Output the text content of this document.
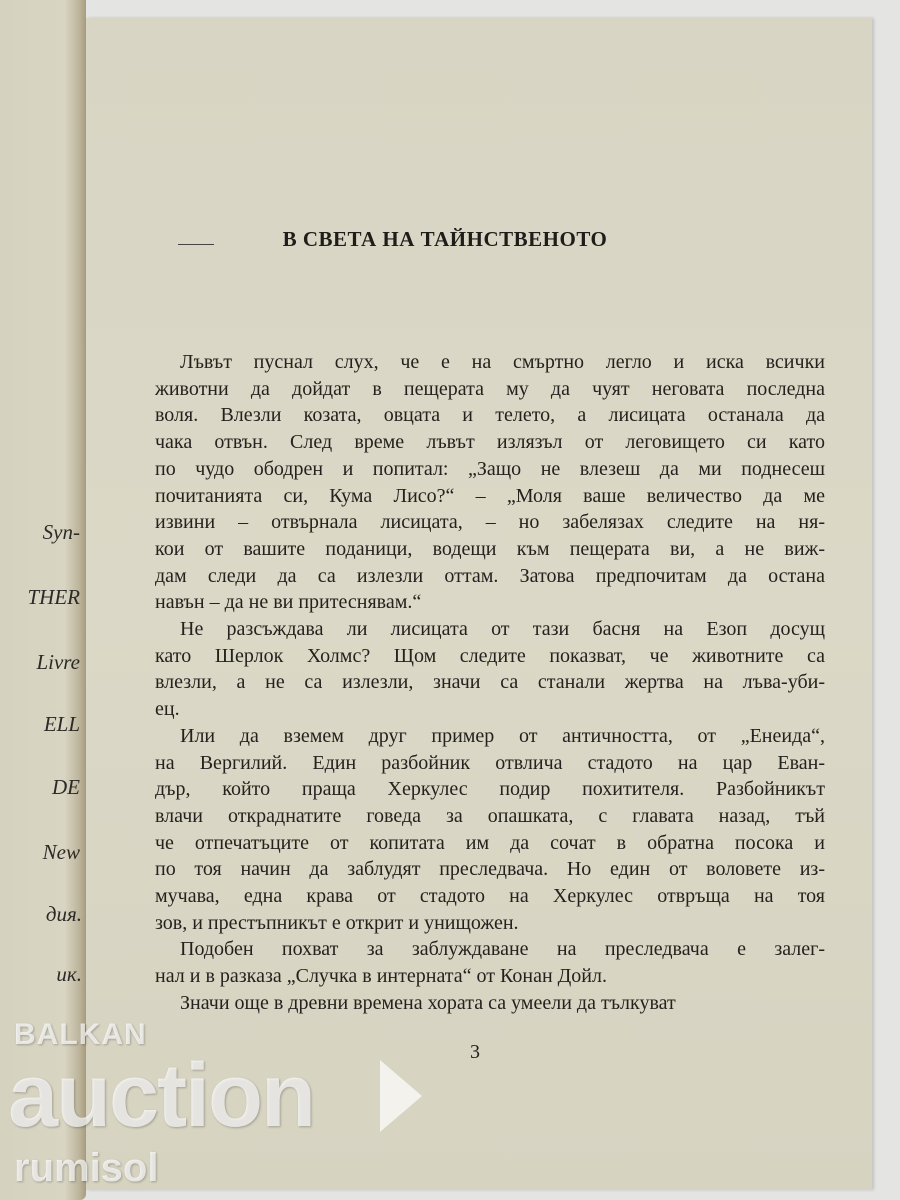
Syn-
THER
Livre
ELL
DE
New
дия.
ик.
В СВЕТА НА ТАЙНСТВЕНОТО
Лъвът пуснал слух, че е на смъртно легло и иска всички
животни да дойдат в пещерата му да чуят неговата последна
воля. Влезли козата, овцата и телето, а лисицата останала да
чака отвън. След време лъвът излязъл от леговището си като
по чудо ободрен и попитал: „Защо не влезеш да ми поднесеш
почитанията си, Кума Лисо?“ – „Моля ваше величество да ме
извини – отвърнала лисицата, – но забелязах следите на ня-
кои от вашите поданици, водещи към пещерата ви, а не виж-
дам следи да са излезли оттам. Затова предпочитам да остана
навън – да не ви притеснявам.“
Не разсъждава ли лисицата от тази басня на Езоп досущ
като Шерлок Холмс? Щом следите показват, че животните са
влезли, а не са излезли, значи са станали жертва на лъва-уби-
ец.
Или да вземем друг пример от античността, от „Енеида“,
на Вергилий. Един разбойник отвлича стадото на цар Еван-
дър, който праща Херкулес подир похитителя. Разбойникът
влачи откраднатите говеда за опашката, с главата назад, тъй
че отпечатъците от копитата им да сочат в обратна посока и
по тоя начин да заблудят преследвача. Но един от воловете из-
мучава, една крава от стадото на Херкулес отвръща на тоя
зов, и престъпникът е открит и унищожен.
Подобен похват за заблуждаване на преследвача е залег-
нал и в разказа „Случка в интерната“ от Конан Дойл.
Значи още в древни времена хората са умеели да тълкуват
3
BALKAN
auction
rumisol
